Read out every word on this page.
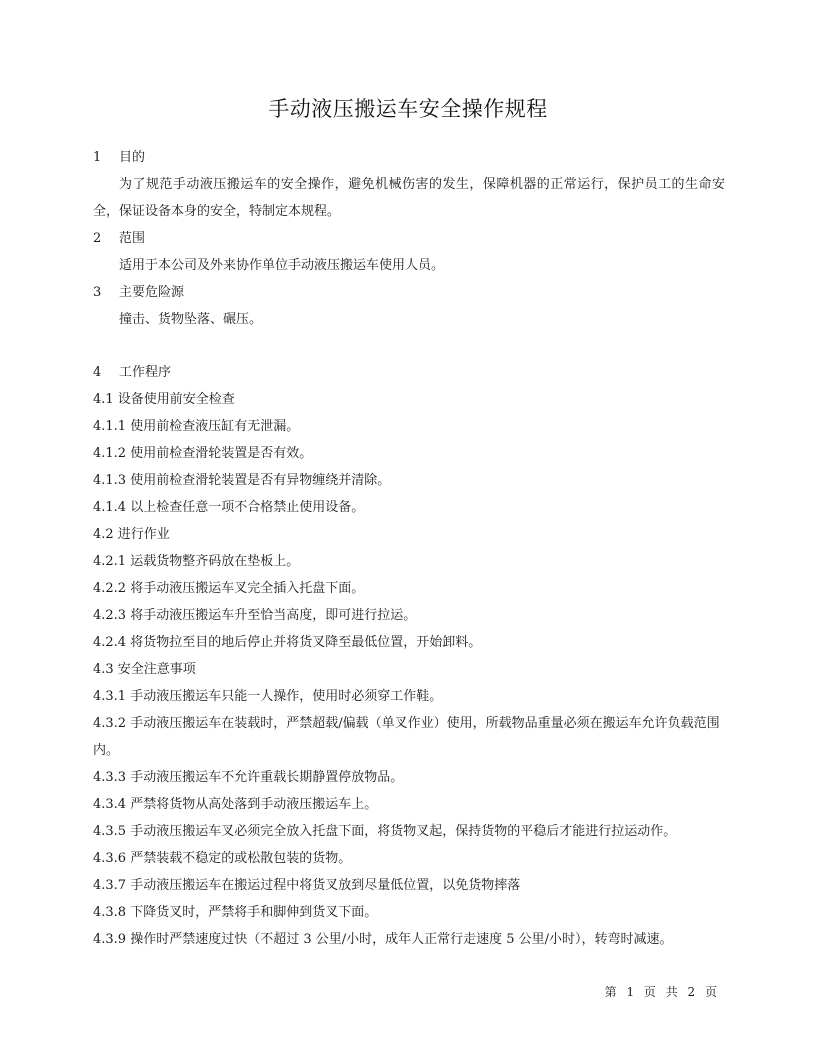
手动液压搬运车安全操作规程
1 目的
为了规范手动液压搬运车的安全操作，避免机械伤害的发生，保障机器的正常运行，保护员工的生命安全，保证设备本身的安全，特制定本规程。
2 范围
适用于本公司及外来协作单位手动液压搬运车使用人员。
3 主要危险源
撞击、货物坠落、碾压。
4 工作程序
4.1 设备使用前安全检查
4.1.1 使用前检查液压缸有无泄漏。
4.1.2 使用前检查滑轮装置是否有效。
4.1.3 使用前检查滑轮装置是否有异物缠绕并清除。
4.1.4 以上检查任意一项不合格禁止使用设备。
4.2 进行作业
4.2.1 运载货物整齐码放在垫板上。
4.2.2 将手动液压搬运车叉完全插入托盘下面。
4.2.3 将手动液压搬运车升至恰当高度，即可进行拉运。
4.2.4 将货物拉至目的地后停止并将货叉降至最低位置，开始卸料。
4.3 安全注意事项
4.3.1 手动液压搬运车只能一人操作，使用时必须穿工作鞋。
4.3.2 手动液压搬运车在装载时，严禁超载/偏载（单叉作业）使用，所载物品重量必须在搬运车允许负载范围内。
4.3.3 手动液压搬运车不允许重载长期静置停放物品。
4.3.4 严禁将货物从高处落到手动液压搬运车上。
4.3.5 手动液压搬运车叉必须完全放入托盘下面，将货物叉起，保持货物的平稳后才能进行拉运动作。
4.3.6 严禁装载不稳定的或松散包装的货物。
4.3.7 手动液压搬运车在搬运过程中将货叉放到尽量低位置，以免货物摔落
4.3.8 下降货叉时，严禁将手和脚伸到货叉下面。
4.3.9 操作时严禁速度过快（不超过 3 公里/小时，成年人正常行走速度 5 公里/小时），转弯时减速。
第 1 页 共 2 页
